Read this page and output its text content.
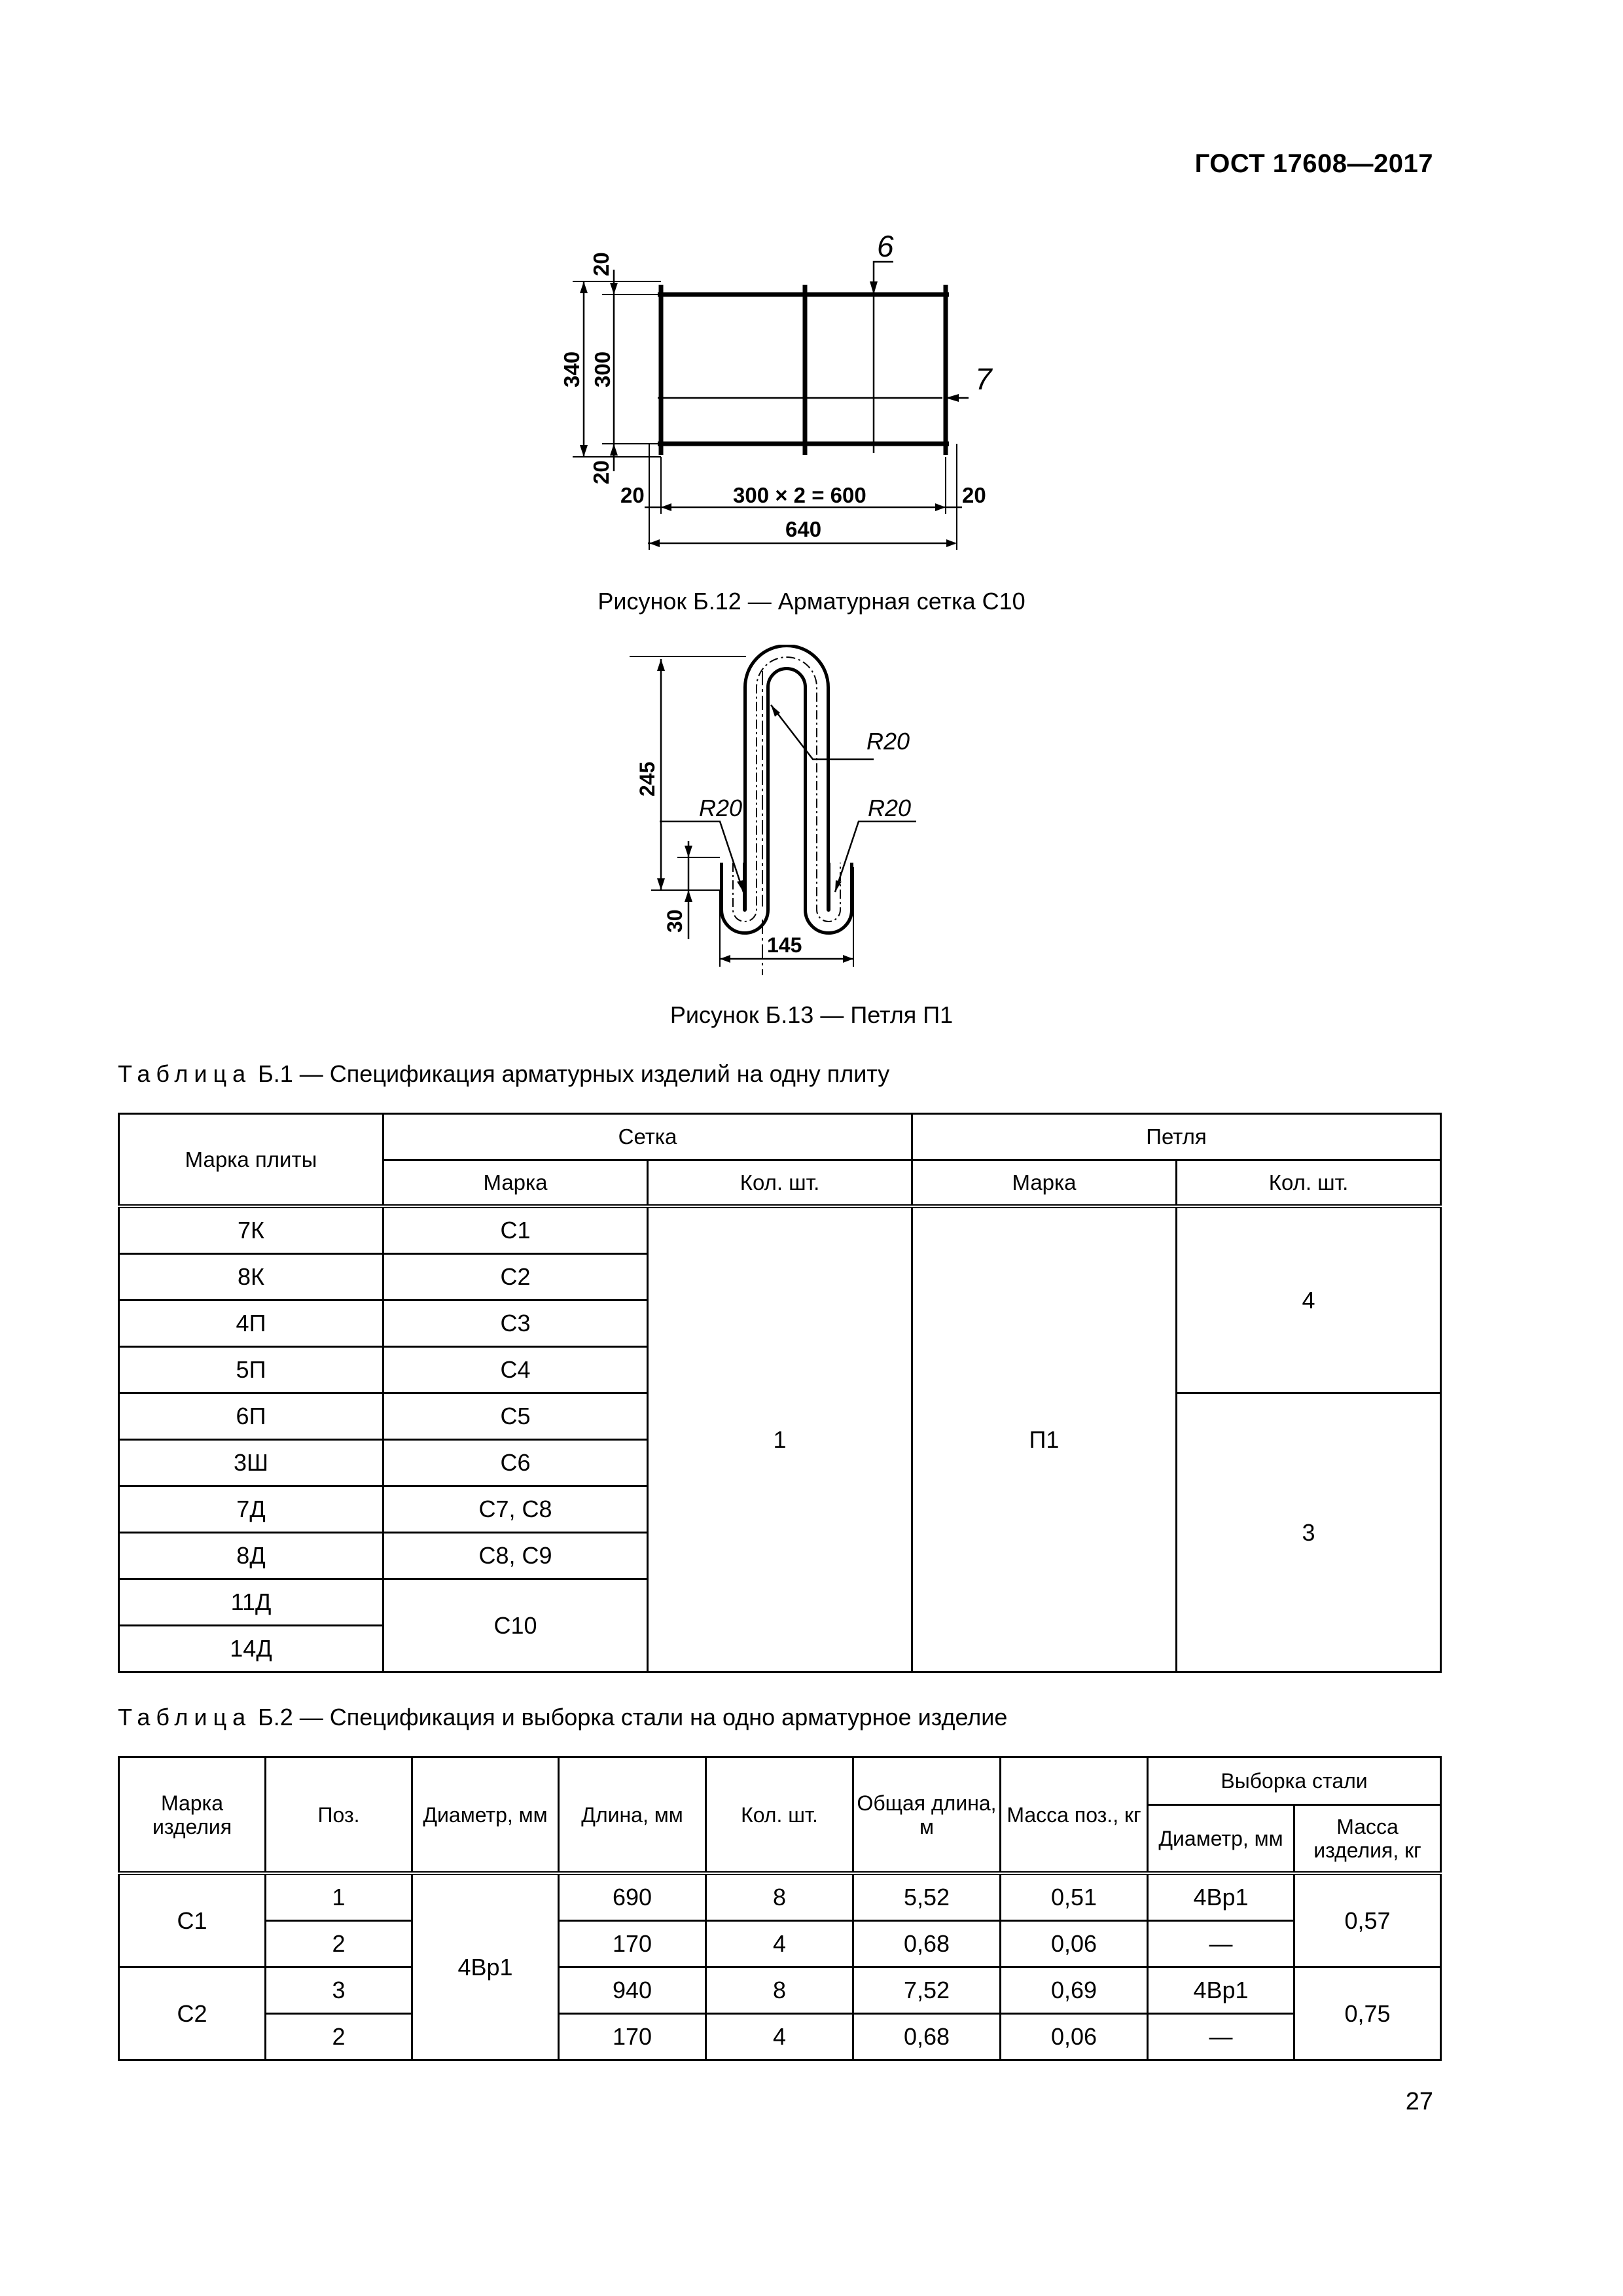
ГОСТ 17608—2017
20
300
340
20
20	300 × 2 = 600	20
640
6
7
Рисунок Б.12 — Арматурная сетка С10
245
30
145
R20
R20	R20
Рисунок Б.13 — Петля П1
Таблица Б.1 — Спецификация арматурных изделий на одну плиту
Марка плиты	Сетка		Петля	
	Марка	Кол. шт.	Марка	Кол. шт.
7К	С1	1	П1	4
8К	С2			
4П	С3			
5П	С4			
6П	С5			3
3Ш	С6			
7Д	С7, С8			
8Д	С8, С9			
11Д	С10			
14Д				
Таблица Б.2 — Спецификация и выборка стали на одно арматурное изделие
Марка изделия	Поз.	Диаметр, мм	Длина, мм	Кол. шт.	Общая длина, м	Масса поз., кг	Выборка стали	
							Диаметр, мм	Масса изделия, кг
С1	1	4Вр1	690	8	5,52	0,51	4Вр1	0,57
	2		170	4	0,68	0,06	—	
С2	3		940	8	7,52	0,69	4Вр1	0,75
	2		170	4	0,68	0,06	—	
27
